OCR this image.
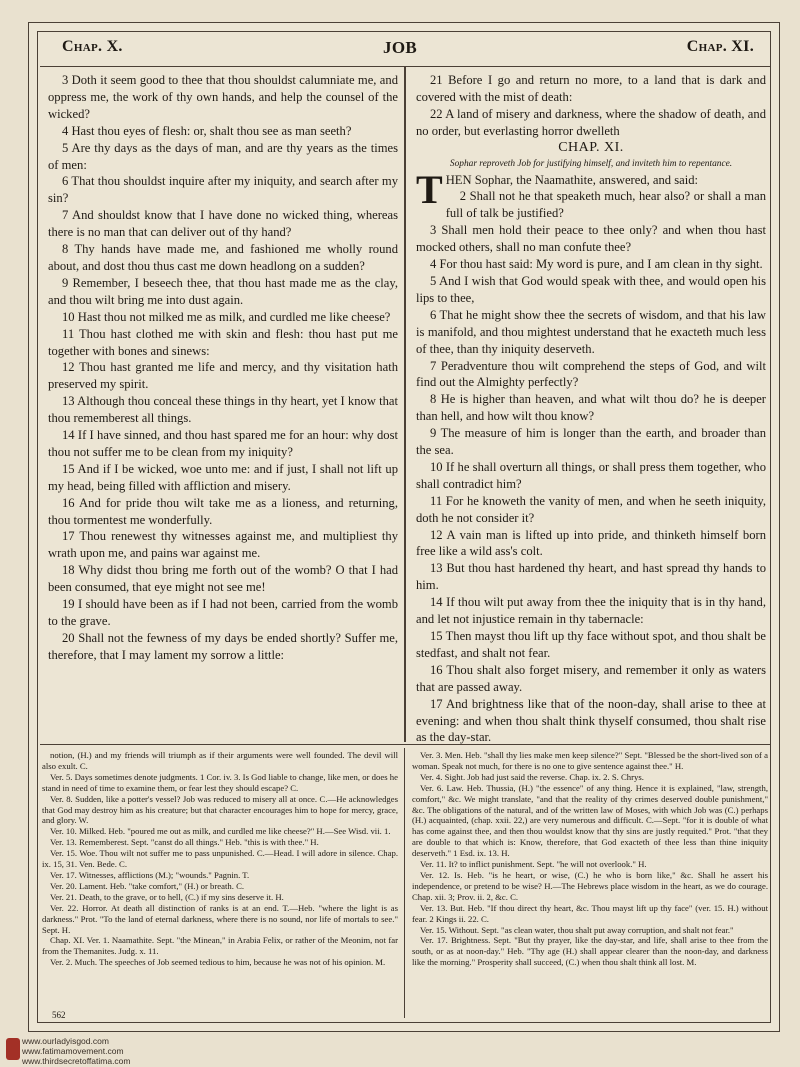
Chap. X.	JOB	Chap. XI.

3 Doth it seem good to thee that thou shouldst calumniate me, and oppress me, the work of thy own hands, and help the counsel of the wicked?

4 Hast thou eyes of flesh: or, shalt thou see as man seeth?

5 Are thy days as the days of man, and are thy years as the times of men:

6 That thou shouldst inquire after my iniquity, and search after my sin?

7 And shouldst know that I have done no wicked thing, whereas there is no man that can deliver out of thy hand?

8 Thy hands have made me, and fashioned me wholly round about, and dost thou thus cast me down headlong on a sudden?

9 Remember, I beseech thee, that thou hast made me as the clay, and thou wilt bring me into dust again.

10 Hast thou not milked me as milk, and curdled me like cheese?

11 Thou hast clothed me with skin and flesh: thou hast put me together with bones and sinews:

12 Thou hast granted me life and mercy, and thy visitation hath preserved my spirit.

13 Although thou conceal these things in thy heart, yet I know that thou rememberest all things.

14 If I have sinned, and thou hast spared me for an hour: why dost thou not suffer me to be clean from my iniquity?

15 And if I be wicked, woe unto me: and if just, I shall not lift up my head, being filled with affliction and misery.

16 And for pride thou wilt take me as a lioness, and returning, thou tormentest me wonderfully.

17 Thou renewest thy witnesses against me, and multipliest thy wrath upon me, and pains war against me.

18 Why didst thou bring me forth out of the womb? O that I had been consumed, that eye might not see me!

19 I should have been as if I had not been, carried from the womb to the grave.

20 Shall not the fewness of my days be ended shortly? Suffer me, therefore, that I may lament my sorrow a little:

21 Before I go and return no more, to a land that is dark and covered with the mist of death:

22 A land of misery and darkness, where the shadow of death, and no order, but everlasting horror dwelleth

CHAP. XI.

Sophar reproveth Job for justifying himself, and inviteth him to repentance.

THEN Sophar, the Naamathite, answered, and said:

2 Shall not he that speaketh much, hear also? or shall a man full of talk be justified?

3 Shall men hold their peace to thee only? and when thou hast mocked others, shall no man confute thee?

4 For thou hast said: My word is pure, and I am clean in thy sight.

5 And I wish that God would speak with thee, and would open his lips to thee,

6 That he might show thee the secrets of wisdom, and that his law is manifold, and thou mightest understand that he exacteth much less of thee, than thy iniquity deserveth.

7 Peradventure thou wilt comprehend the steps of God, and wilt find out the Almighty perfectly?

8 He is higher than heaven, and what wilt thou do? he is deeper than hell, and how wilt thou know?

9 The measure of him is longer than the earth, and broader than the sea.

10 If he shall overturn all things, or shall press them together, who shall contradict him?

11 For he knoweth the vanity of men, and when he seeth iniquity, doth he not consider it?

12 A vain man is lifted up into pride, and thinketh himself born free like a wild ass's colt.

13 But thou hast hardened thy heart, and hast spread thy hands to him.

14 If thou wilt put away from thee the iniquity that is in thy hand, and let not injustice remain in thy tabernacle:

15 Then mayst thou lift up thy face without spot, and thou shalt be stedfast, and shalt not fear.

16 Thou shalt also forget misery, and remember it only as waters that are passed away.

17 And brightness like that of the noon-day, shall arise to thee at evening: and when thou shalt think thyself consumed, thou shalt rise as the day-star.

notion, (H.) and my friends will triumph as if their arguments were well founded. The devil will also exult. C.

Ver. 5. Days sometimes denote judgments. 1 Cor. iv. 3. Is God liable to change, like men, or does he stand in need of time to examine them, or fear lest they should escape? C.

Ver. 8. Sudden, like a potter's vessel? Job was reduced to misery all at once. C.—He acknowledges that God may destroy him as his creature; but that character encourages him to hope for mercy, grace, and glory. W.

Ver. 10. Milked. Heb. "poured me out as milk, and curdled me like cheese?" H.—See Wisd. vii. 1.

Ver. 13. Rememberest. Sept. "canst do all things." Heb. "this is with thee." H.

Ver. 15. Woe. Thou wilt not suffer me to pass unpunished. C.—Head. I will adore in silence. Chap. ix. 15, 31. Ven. Bede. C.

Ver. 17. Witnesses, afflictions (M.); "wounds." Pagnin. T.

Ver. 20. Lament. Heb. "take comfort," (H.) or breath. C.

Ver. 21. Death, to the grave, or to hell, (C.) if my sins deserve it. H.

Ver. 22. Horror. At death all distinction of ranks is at an end. T.—Heb. "where the light is as darkness." Prot. "To the land of eternal darkness, where there is no sound, nor life of mortals to see." Sept. H.

Chap. XI. Ver. 1. Naamathite. Sept. "the Minean," in Arabia Felix, or rather of the Meonim, not far from the Themanites. Judg. x. 11.

Ver. 2. Much. The speeches of Job seemed tedious to him, because he was not of his opinion. M.

Ver. 3. Men. Heb. "shall thy lies make men keep silence?" Sept. "Blessed be the short-lived son of a woman. Speak not much, for there is no one to give sentence against thee." H.

Ver. 4. Sight. Job had just said the reverse. Chap. ix. 2. S. Chrys.

Ver. 6. Law. Heb. Thussia, (H.) "the essence" of any thing. Hence it is explained, "law, strength, comfort," &c. We might translate, "and that the reality of thy crimes deserved double punishment," &c. The obligations of the natural, and of the written law of Moses, with which Job was (C.) perhaps (H.) acquainted, (chap. xxii. 22,) are very numerous and difficult. C.—Sept. "for it is double of what has come against thee, and then thou wouldst know that thy sins are justly requited." Prot. "that they are double to that which is: Know, therefore, that God exacteth of thee less than thine iniquity deserveth." 1 Esd. ix. 13. H.

Ver. 11. It? to inflict punishment. Sept. "he will not overlook." H.

Ver. 12. Is. Heb. "is he heart, or wise, (C.) he who is born like," &c. Shall he assert his independence, or pretend to be wise? H.—The Hebrews place wisdom in the heart, as we do courage. Chap. xii. 3; Prov. ii. 2, &c. C.

Ver. 13. But. Heb. "If thou direct thy heart, &c. Thou mayst lift up thy face" (ver. 15. H.) without fear. 2 Kings ii. 22. C.

Ver. 15. Without. Sept. "as clean water, thou shalt put away corruption, and shalt not fear."

Ver. 17. Brightness. Sept. "But thy prayer, like the day-star, and life, shall arise to thee from the south, or as at noon-day." Heb. "Thy age (H.) shall appear clearer than the noon-day, and darkness like the morning." Prosperity shall succeed, (C.) when thou shalt think all lost. M.

562
www.ourladyisgod.com
www.fatimamovement.com
www.thirdsecretoffatima.com
